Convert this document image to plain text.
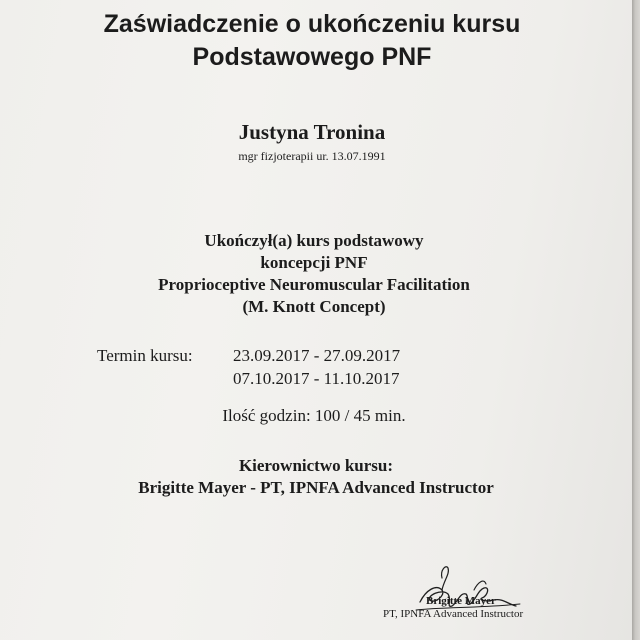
Zaświadczenie o ukończeniu kursu
Podstawowego PNF
Justyna Tronina
mgr fizjoterapii ur. 13.07.1991
Ukończył(a) kurs podstawowy
koncepcji PNF
Proprioceptive Neuromuscular Facilitation
(M. Knott Concept)
Termin kursu: 23.09.2017 - 27.09.2017
07.10.2017 - 11.10.2017
Ilość godzin: 100 / 45 min.
Kierownictwo kursu:
Brigitte Mayer - PT, IPNFA Advanced Instructor
Brigitte Mayer
PT, IPNFA Advanced Instructor
